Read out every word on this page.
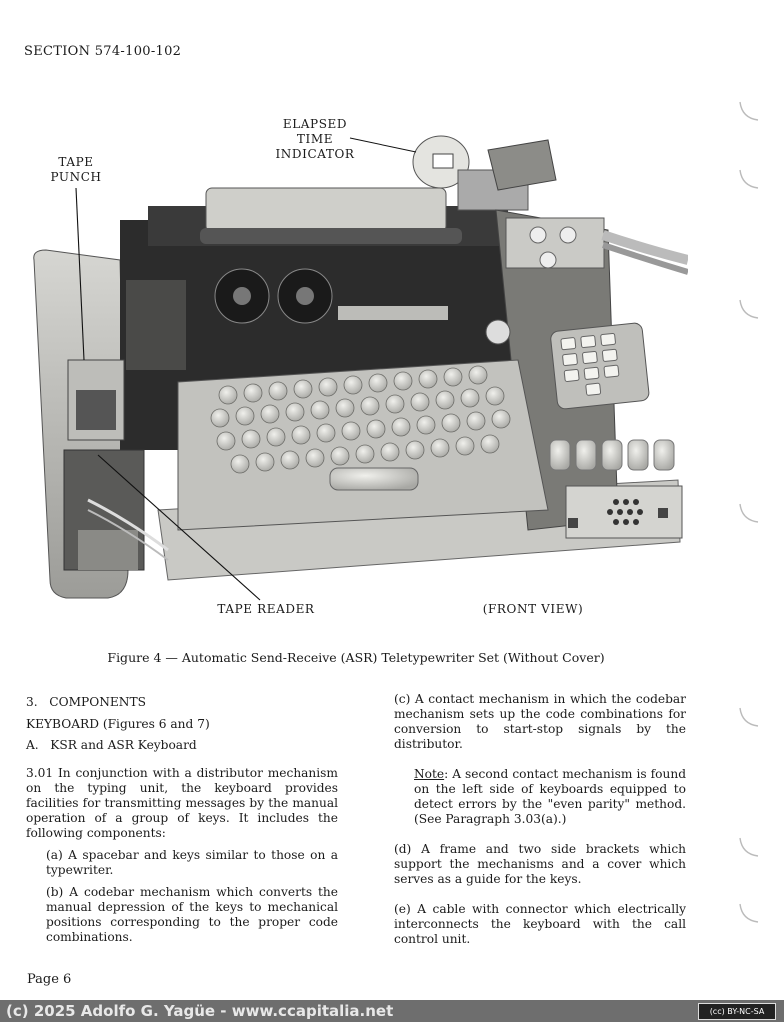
SECTION 574-100-102
ELAPSED
TIME
INDICATOR
TAPE
PUNCH
TAPE READER	(FRONT VIEW)
Figure 4 — Automatic Send-Receive (ASR) Teletypewriter Set (Without Cover)

3.   COMPONENTS

KEYBOARD (Figures 6 and 7)

A.   KSR and ASR Keyboard

3.01 In conjunction with a distributor mechanism on the typing unit, the keyboard provides facilities for transmitting messages by the manual operation of a group of keys. It includes the following components:

(a) A spacebar and keys similar to those on a typewriter.

(b) A codebar mechanism which converts the manual depression of the keys to mechanical positions corresponding to the proper code combinations.

(c) A contact mechanism in which the codebar mechanism sets up the code combinations for conversion to start-stop signals by the distributor.

Note: A second contact mechanism is found on the left side of keyboards equipped to detect errors by the "even parity" method. (See Paragraph 3.03(a).)

(d) A frame and two side brackets which support the mechanisms and a cover which serves as a guide for the keys.

(e) A cable with connector which electrically interconnects the keyboard with the call control unit.

Page 6
(c) 2025 Adolfo G. Yagüe - www.ccapitalia.net	(cc) BY-NC-SA
